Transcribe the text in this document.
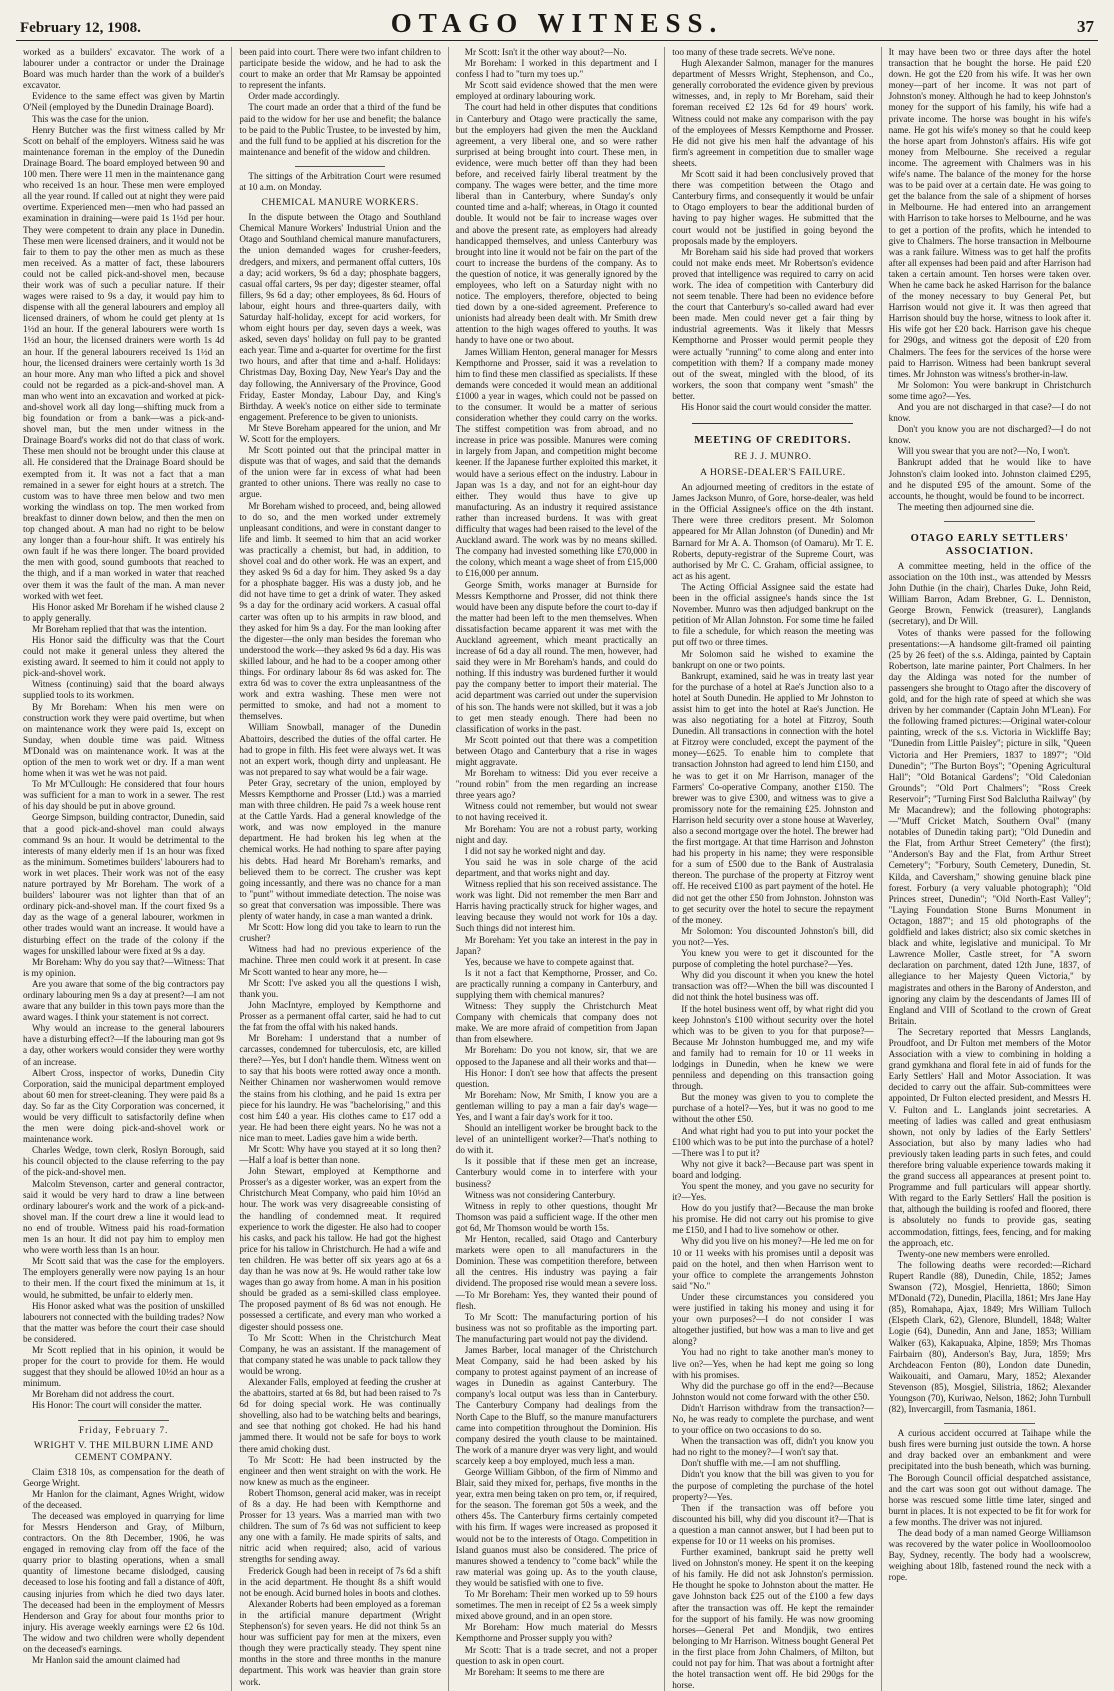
February 12, 1908.	OTAGO WITNESS.	37

worked as a builders' excavator. The work of a labourer under a contractor or under the Drainage Board was much harder than the work of a builder's excavator.

Evidence to the same effect was given by Martin O'Neil (employed by the Dunedin Drainage Board).

This was the case for the union.

Henry Butcher was the first witness called by Mr Scott on behalf of the employers. Witness said he was maintenance foreman in the employ of the Dunedin Drainage Board. The board employed between 90 and 100 men. There were 11 men in the maintenance gang who received 1s an hour. These men were employed all the year round. If called out at night they were paid overtime. Experienced men—men who had passed an examination in draining—were paid 1s 1½d per hour. They were competent to drain any place in Dunedin. These men were licensed drainers, and it would not be fair to them to pay the other men as much as these men received. As a matter of fact, these labourers could not be called pick-and-shovel men, because their work was of such a peculiar nature. If their wages were raised to 9s a day, it would pay him to dispense with all the general labourers and employ all licensed drainers, of whom he could get plenty at 1s 1½d an hour. If the general labourers were worth 1s 1½d an hour, the licensed drainers were worth 1s 4d an hour. If the general labourers received 1s 1½d an hour, the licensed drainers were certainly worth 1s 3d an hour more. Any man who lifted a pick and shovel could not be regarded as a pick-and-shovel man. A man who went into an excavation and worked at pick-and-shovel work all day long—shifting muck from a big foundation or from a bank—was a pick-and-shovel man, but the men under witness in the Drainage Board's works did not do that class of work. These men should not be brought under this clause at all. He considered that the Drainage Board should be exempted from it. It was not a fact that a man remained in a sewer for eight hours at a stretch. The custom was to have three men below and two men working the windlass on top. The men worked from breakfast to dinner down below, and then the men on top changed about. A man had no right to be below any longer than a four-hour shift. It was entirely his own fault if he was there longer. The board provided the men with good, sound gumboots that reached to the thigh, and if a man worked in water that reached over them it was the fault of the man. A man never worked with wet feet.

His Honor asked Mr Boreham if he wished clause 2 to apply generally.

Mr Boreham replied that that was the intention.

His Honor said the difficulty was that the Court could not make it general unless they altered the existing award. It seemed to him it could not apply to pick-and-shovel work.

Witness (continuing) said that the board always supplied tools to its workmen.

By Mr Boreham: When his men were on construction work they were paid overtime, but when on maintenance work they were paid 1s, except on Sunday, when double time was paid. Witness M'Donald was on maintenance work. It was at the option of the men to work wet or dry. If a man went home when it was wet he was not paid.

To Mr M'Cullough: He considered that four hours was sufficient for a man to work in a sewer. The rest of his day should be put in above ground.

George Simpson, building contractor, Dunedin, said that a good pick-and-shovel man could always command 9s an hour. It would be detrimental to the interests of many elderly men if 1s an hour was fixed as the minimum. Sometimes builders' labourers had to work in wet places. Their work was not of the easy nature portrayed by Mr Boreham. The work of a builders' labourer was not lighter than that of an ordinary pick-and-shovel man. If the court fixed 9s a day as the wage of a general labourer, workmen in other trades would want an increase. It would have a disturbing effect on the trade of the colony if the wages for unskilled labour were fixed at 9s a day.

Mr Boreham: Why do you say that?—Witness: That is my opinion.

Are you aware that some of the big contractors pay ordinary labouring men 9s a day at present?—I am not aware that any builder in this town pays more than the award wages. I think your statement is not correct.

Why would an increase to the general labourers have a disturbing effect?—If the labouring man got 9s a day, other workers would consider they were worthy of an increase.

Albert Cross, inspector of works, Dunedin City Corporation, said the municipal department employed about 60 men for street-cleaning. They were paid 8s a day. So far as the City Corporation was concerned, it would be very difficult to satisfactorily define when the men were doing pick-and-shovel work or maintenance work.

Charles Wedge, town clerk, Roslyn Borough, said his council objected to the clause referring to the pay of the pick-and-shovel men.

Malcolm Stevenson, carter and general contractor, said it would be very hard to draw a line between ordinary labourer's work and the work of a pick-and-shovel man. If the court drew a line it would lead to no end of trouble. Witness paid his road-formation men 1s an hour. It did not pay him to employ men who were worth less than 1s an hour.

Mr Scott said that was the case for the employers. The employers generally were now paying 1s an hour to their men. If the court fixed the minimum at 1s, it would, he submitted, be unfair to elderly men.

His Honor asked what was the position of unskilled labourers not connected with the building trades? Now that the matter was before the court their case should be considered.

Mr Scott replied that in his opinion, it would be proper for the court to provide for them. He would suggest that they should be allowed 10½d an hour as a minimum.

Mr Boreham did not address the court.

His Honor: The court will consider the matter.

Friday, February 7.
WRIGHT V. THE MILBURN LIME AND CEMENT COMPANY.

Claim £318 10s, as compensation for the death of George Wright.

Mr Hanlon for the claimant, Agnes Wright, widow of the deceased.

The deceased was employed in quarrying for lime for Messrs Henderson and Gray, of Milburn, contractors. On the 8th December, 1906, he was engaged in removing clay from off the face of the quarry prior to blasting operations, when a small quantity of limestone became dislodged, causing deceased to lose his footing and fall a distance of 40ft, causing injuries from which he died two days later. The deceased had been in the employment of Messrs Henderson and Gray for about four months prior to injury. His average weekly earnings were £2 6s 10d. The widow and two children were wholly dependent on the deceased's earnings.

Mr Hanlon said the amount claimed had

been paid into court. There were two infant children to participate beside the widow, and he had to ask the court to make an order that Mr Ramsay be appointed to represent the infants.

Order made accordingly.

The court made an order that a third of the fund be paid to the widow for her use and benefit; the balance to be paid to the Public Trustee, to be invested by him, and the full fund to be applied at his discretion for the maintenance and benefit of the widow and children.

The sittings of the Arbitration Court were resumed at 10 a.m. on Monday.

CHEMICAL MANURE WORKERS.

In the dispute between the Otago and Southland Chemical Manure Workers' Industrial Union and the Otago and Southland chemical manure manufacturers, the union demanded wages for crusher-feeders, dredgers, and mixers, and permanent offal cutters, 10s a day; acid workers, 9s 6d a day; phosphate baggers, casual offal carters, 9s per day; digester steamer, offal fillers, 9s 6d a day; other employees, 8s 6d. Hours of labour, eight hours and three-quarters daily, with Saturday half-holiday, except for acid workers, for whom eight hours per day, seven days a week, was asked, seven days' holiday on full pay to be granted each year. Time and a-quarter for overtime for the first two hours, and after that time and a-half. Holidays: Christmas Day, Boxing Day, New Year's Day and the day following, the Anniversary of the Province, Good Friday, Easter Monday, Labour Day, and King's Birthday. A week's notice on either side to terminate engagement. Preference to be given to unionists.

Mr Steve Boreham appeared for the union, and Mr W. Scott for the employers.

Mr Scott pointed out that the principal matter in dispute was that of wages, and said that the demands of the union were far in excess of what had been granted to other unions. There was really no case to argue.

Mr Boreham wished to proceed, and, being allowed to do so, and the men worked under extremely unpleasant conditions, and were in constant danger to life and limb. It seemed to him that an acid worker was practically a chemist, but had, in addition, to shovel coal and do other work. He was an expert, and they asked 9s 6d a day for him. They asked 9s a day for a phosphate bagger. His was a dusty job, and he did not have time to get a drink of water. They asked 9s a day for the ordinary acid workers. A casual offal carter was often up to his armpits in raw blood, and they asked for him 9s a day. For the man looking after the digester—the only man besides the foreman who understood the work—they asked 9s 6d a day. His was skilled labour, and he had to be a cooper among other things. For ordinary labour 8s 6d was asked for. The extra 6d was to cover the extra unpleasantness of the work and extra washing. These men were not permitted to smoke, and had not a moment to themselves.

William Snowball, manager of the Dunedin Abattoirs, described the duties of the offal carter. He had to grope in filth. His feet were always wet. It was not an expert work, though dirty and unpleasant. He was not prepared to say what would be a fair wage.

Peter Gray, secretary of the union, employed by Messrs Kempthorne and Prosser (Ltd.) was a married man with three children. He paid 7s a week house rent at the Cattle Yards. Had a general knowledge of the work, and was now employed in the manure department. He had broken his leg when at the chemical works. He had nothing to spare after paying his debts. Had heard Mr Boreham's remarks, and believed them to be correct. The crusher was kept going incessantly, and there was no chance for a man to "punt" without immediate detection. The noise was so great that conversation was impossible. There was plenty of water handy, in case a man wanted a drink.

Mr Scott: How long did you take to learn to run the crusher?

Witness had had no previous experience of the machine. Three men could work it at present. In case Mr Scott wanted to hear any more, he—

Mr Scott: I've asked you all the questions I wish, thank you.

John MacIntyre, employed by Kempthorne and Prosser as a permanent offal carter, said he had to cut the fat from the offal with his naked hands.

Mr Boreham: I understand that a number of carcasses, condemned for tuberculosis, etc, are killed there?—Yes, but I don't handle them. Witness went on to say that his boots were rotted away once a month. Neither Chinamen nor washerwomen would remove the stains from his clothing, and he paid 1s extra per piece for his laundry. He was "bachelorising," and this cost him £40 a year. His clothes came to £17 odd a year. He had been there eight years. No he was not a nice man to meet. Ladies gave him a wide berth.

Mr Scott: Why have you stayed at it so long then?—Half a loaf is better than none.

John Stewart, employed at Kempthorne and Prosser's as a digester worker, was an expert from the Christchurch Meat Company, who paid him 10½d an hour. The work was very disagreeable consisting of the handling of condemned meat. It required experience to work the digester. He also had to cooper his casks, and pack his tallow. He had got the highest price for his tallow in Christchurch. He had a wife and ten children. He was better off six years ago at 6s a day than he was now at 9s. He would rather take low wages than go away from home. A man in his position should be graded as a semi-skilled class employee. The proposed payment of 8s 6d was not enough. He possessed a certificate, and every man who worked a digester should possess one.

To Mr Scott: When in the Christchurch Meat Company, he was an assistant. If the management of that company stated he was unable to pack tallow they would be wrong.

Alexander Falls, employed at feeding the crusher at the abattoirs, started at 6s 8d, but had been raised to 7s 6d for doing special work. He was continually shovelling, also had to be watching belts and bearings, and see that nothing got choked. He had his hand jammed there. It would not be safe for boys to work there amid choking dust.

To Mr Scott: He had been instructed by the engineer and then went straight on with the work. He now knew as much as the engineer.

Robert Thomson, general acid maker, was in receipt of 8s a day. He had been with Kempthorne and Prosser for 13 years. Was a married man with two children. The sum of 7s 6d was not sufficient to keep any one with a family. He made spirits of salts, and nitric acid when required; also, acid of various strengths for sending away.

Frederick Gough had been in receipt of 7s 6d a shift in the acid department. He thought 8s a shift would not be enough. Acid burned holes in boots and clothes.

Alexander Roberts had been employed as a foreman in the artificial manure department (Wright Stephenson's) for seven years. He did not think 5s an hour was sufficient pay for men at the mixers, even though they were practically steady. They spent nine months in the store and three months in the manure department. This work was heavier than grain store work.

Mr Scott: Isn't it the other way about?—No.

Mr Boreham: I worked in this department and I confess I had to "turn my toes up."

Mr Scott said evidence showed that the men were employed at ordinary labouring work.

The court had held in other disputes that conditions in Canterbury and Otago were practically the same, but the employers had given the men the Auckland agreement, a very liberal one, and so were rather surprised at being brought into court. These men, in evidence, were much better off than they had been before, and received fairly liberal treatment by the company. The wages were better, and the time more liberal than in Canterbury, where Sunday's only counted time and a-half; whereas, in Otago it counted double. It would not be fair to increase wages over and above the present rate, as employers had already handicapped themselves, and unless Canterbury was brought into line it would not be fair on the part of the court to increase the burdens of the company. As to the question of notice, it was generally ignored by the employees, who left on a Saturday night with no notice. The employers, therefore, objected to being tied down by a one-sided agreement. Preference to unionists had already been dealt with. Mr Smith drew attention to the high wages offered to youths. It was handy to have one or two about.

James William Henton, general manager for Messrs Kempthorne and Prosser, said it was a revelation to him to find these men classified as specialists. If these demands were conceded it would mean an additional £1000 a year in wages, which could not be passed on to the consumer. It would be a matter of serious consideration whether they could carry on the works. The stiffest competition was from abroad, and no increase in price was possible. Manures were coming in largely from Japan, and competition might become keener. If the Japanese further exploited this market, it would have a serious effect on the industry. Labour in Japan was 1s a day, and not for an eight-hour day either. They would thus have to give up manufacturing. As an industry it required assistance rather than increased burdens. It was with great difficulty that wages had been raised to the level of the Auckland award. The work was by no means skilled. The company had invested something like £70,000 in the colony, which meant a wage sheet of from £15,000 to £16,000 per annum.

George Smith, works manager at Burnside for Messrs Kempthorne and Prosser, did not think there would have been any dispute before the court to-day if the matter had been left to the men themselves. When dissatisfaction became apparent it was met with the Auckland agreement, which meant practically an increase of 6d a day all round. The men, however, had said they were in Mr Boreham's hands, and could do nothing. If this industry was burdened further it would pay the company better to import their material. The acid department was carried out under the supervision of his son. The hands were not skilled, but it was a job to get men steady enough. There had been no classification of works in the past.

Mr Scott pointed out that there was a competition between Otago and Canterbury that a rise in wages might aggravate.

Mr Boreham to witness: Did you ever receive a "round robin" from the men regarding an increase three years ago?

Witness could not remember, but would not swear to not having received it.

Mr Boreham: You are not a robust party, working night and day.

I did not say he worked night and day.

You said he was in sole charge of the acid department, and that works night and day.

Witness replied that his son received assistance. The work was light. Did not remember the men Barr and Harris having practically struck for higher wages, and leaving because they would not work for 10s a day. Such things did not interest him.

Mr Boreham: Yet you take an interest in the pay in Japan?

Yes, because we have to compete against that.

Is it not a fact that Kempthorne, Prosser, and Co. are practically running a company in Canterbury, and supplying them with chemical manures?

Witness: They supply the Christchurch Meat Company with chemicals that company does not make. We are more afraid of competition from Japan than from elsewhere.

Mr Boreham: Do you not know, sir, that we are opposed to the Japanese and all their works and that—

His Honor: I don't see how that affects the present question.

Mr Boreham: Now, Mr Smith, I know you are a gentleman willing to pay a man a fair day's wage—Yes, and I want a fair day's work for it too.

Should an intelligent worker be brought back to the level of an unintelligent worker?—That's nothing to do with it.

Is it possible that if these men get an increase, Canterbury would come in to interfere with your business?

Witness was not considering Canterbury.

Witness in reply to other questions, thought Mr Thomson was paid a sufficient wage. If the other men got 6d, Mr Thomson would be worth 15s.

Mr Henton, recalled, said Otago and Canterbury markets were open to all manufacturers in the Dominion. These was competition therefore, between all the centres. His industry was paying a fair dividend. The proposed rise would mean a severe loss.—To Mr Boreham: Yes, they wanted their pound of flesh.

To Mr Scott: The manufacturing portion of his business was not so profitable as the importing part. The manufacturing part would not pay the dividend.

James Barber, local manager of the Christchurch Meat Company, said he had been asked by his company to protest against payment of an increase of wages in Dunedin as against Canterbury. The company's local output was less than in Canterbury. The Canterbury Company had dealings from the North Cape to the Bluff, so the manure manufacturers came into competition throughout the Dominion. His company desired the youth clause to be maintained. The work of a manure dryer was very light, and would scarcely keep a boy employed, much less a man.

George William Gibbon, of the firm of Nimmo and Blair, said they mixed for, perhaps, five months in the year, extra men being taken on pro tem, or, if required, for the season. The foreman got 50s a week, and the others 45s. The Canterbury firms certainly competed with his firm. If wages were increased as proposed it would not be to the interests of Otago. Competition in Island guanos must also be considered. The price of manures showed a tendency to "come back" while the raw material was going up. As to the youth clause, they would be satisfied with one to five.

To Mr Boreham: Their men worked up to 59 hours sometimes. The men in receipt of £2 5s a week simply mixed above ground, and in an open store.

Mr Boreham: How much material do Messrs Kempthorne and Prosser supply you with?

Mr Scott: That is a trade secret, and not a proper question to ask in open court.

Mr Boreham: It seems to me there are

too many of these trade secrets. We've none.

Hugh Alexander Salmon, manager for the manures department of Messrs Wright, Stephenson, and Co., generally corroborated the evidence given by previous witnesses, and, in reply to Mr Boreham, said their foreman received £2 12s 6d for 49 hours' work. Witness could not make any comparison with the pay of the employees of Messrs Kempthorne and Prosser. He did not give his men half the advantage of his firm's agreement in competition due to smaller wage sheets.

Mr Scott said it had been conclusively proved that there was competition between the Otago and Canterbury firms, and consequently it would be unfair to Otago employers to bear the additional burden of having to pay higher wages. He submitted that the court would not be justified in going beyond the proposals made by the employers.

Mr Boreham said his side had proved that workers could not make ends meet. Mr Robertson's evidence proved that intelligence was required to carry on acid work. The idea of competition with Canterbury did not seem tenable. There had been no evidence before the court that Canterbury's so-called award had ever been made. Men could never get a fair thing by industrial agreements. Was it likely that Messrs Kempthorne and Prosser would permit people they were actually "running" to come along and enter into competition with them? If a company made money out of the sweat, mingled with the blood, of its workers, the soon that company went "smash" the better.

His Honor said the court would consider the matter.

MEETING OF CREDITORS.
RE J. J. MUNRO.
A HORSE-DEALER'S FAILURE.

An adjourned meeting of creditors in the estate of James Jackson Munro, of Gore, horse-dealer, was held in the Official Assignee's office on the 4th instant. There were three creditors present. Mr Solomon appeared for Mr Allan Johnston (of Dunedin) and Mr Barnard for Mr A. A. Thomson (of Oamaru). Mr T. E. Roberts, deputy-registrar of the Supreme Court, was authorised by Mr C. C. Graham, official assignee, to act as his agent.

The Acting Official Assignee said the estate had been in the official assignee's hands since the 1st November. Munro was then adjudged bankrupt on the petition of Mr Allan Johnston. For some time he failed to file a schedule, for which reason the meeting was put off two or three times.

Mr Solomon said he wished to examine the bankrupt on one or two points.

Bankrupt, examined, said he was in treaty last year for the purchase of a hotel at Rae's Junction also to a hotel at South Dunedin. He applied to Mr Johnston to assist him to get into the hotel at Rae's Junction. He was also negotiating for a hotel at Fitzroy, South Dunedin. All transactions in connection with the hotel at Fitzroy were concluded, except the payment of the money—£625. To enable him to complete that transaction Johnston had agreed to lend him £150, and he was to get it on Mr Harrison, manager of the Farmers' Co-operative Company, another £150. The brewer was to give £300, and witness was to give a promissory note for the remaining £25. Johnston and Harrison held security over a stone house at Waverley, also a second mortgage over the hotel. The brewer had the first mortgage. At that time Harrison and Johnston had his property in his name; they were responsible for a sum of £500 due to the Bank of Australasia thereon. The purchase of the property at Fitzroy went off. He received £100 as part payment of the hotel. He did not get the other £50 from Johnston. Johnston was to get security over the hotel to secure the repayment of the money.

Mr Solomon: You discounted Johnston's bill, did you not?—Yes.

You knew you were to get it discounted for the purpose of completing the hotel purchase?—Yes.

Why did you discount it when you knew the hotel transaction was off?—When the bill was discounted I did not think the hotel business was off.

If the hotel business went off, by what right did you keep Johnston's £100 without security over the hotel which was to be given to you for that purpose?—Because Mr Johnston humbugged me, and my wife and family had to remain for 10 or 11 weeks in lodgings in Dunedin, when he knew we were penniless and depending on this transaction going through.

But the money was given to you to complete the purchase of a hotel?—Yes, but it was no good to me without the other £50.

And what right had you to put into your pocket the £100 which was to be put into the purchase of a hotel?—There was I to put it?

Why not give it back?—Because part was spent in board and lodging.

You spent the money, and you gave no security for it?—Yes.

How do you justify that?—Because the man broke his promise. He did not carry out his promise to give me £150, and I had to live somehow or other.

Why did you live on his money?—He led me on for 10 or 11 weeks with his promises until a deposit was paid on the hotel, and then when Harrison went to your office to complete the arrangements Johnston said "No."

Under these circumstances you considered you were justified in taking his money and using it for your own purposes?—I do not consider I was altogether justified, but how was a man to live and get along?

You had no right to take another man's money to live on?—Yes, when he had kept me going so long with his promises.

Why did the purchase go off in the end?—Because Johnston would not come forward with the other £50.

Didn't Harrison withdraw from the transaction?—No, he was ready to complete the purchase, and went to your office on two occasions to do so.

When the transaction was off, didn't you know you had no right to the money?—I won't say that.

Don't shuffle with me.—I am not shuffling.

Didn't you know that the bill was given to you for the purpose of completing the purchase of the hotel property?—Yes.

Then if the transaction was off before you discounted his bill, why did you discount it?—That is a question a man cannot answer, but I had been put to expense for 10 or 11 weeks on his promises.

Further examined, bankrupt said he pretty well lived on Johnston's money. He spent it on the keeping of his family. He did not ask Johnston's permission. He thought he spoke to Johnston about the matter. He gave Johnston back £25 out of the £100 a few days after the transaction was off. He kept the remainder for the support of his family. He was now grooming horses—General Pet and Mondjik, two entires belonging to Mr Harrison. Witness bought General Pet in the first place from John Chalmers, of Milton, but could not pay for him. That was about a fortnight after the hotel transaction went off. He bid 290gs for the horse.

It may have been two or three days after the hotel transaction that he bought the horse. He paid £20 down. He got the £20 from his wife. It was her own money—part of her income. It was not part of Johnston's money. Although he had to keep Johnston's money for the support of his family, his wife had a private income. The horse was bought in his wife's name. He got his wife's money so that he could keep the horse apart from Johnston's affairs. His wife got money from Melbourne. She received a regular income. The agreement with Chalmers was in his wife's name. The balance of the money for the horse was to be paid over at a certain date. He was going to get the balance from the sale of a shipment of horses in Melbourne. He had entered into an arrangement with Harrison to take horses to Melbourne, and he was to get a portion of the profits, which he intended to give to Chalmers. The horse transaction in Melbourne was a rank failure. Witness was to get half the profits after all expenses had been paid and after Harrison had taken a certain amount. Ten horses were taken over. When he came back he asked Harrison for the balance of the money necessary to buy General Pet, but Harrison would not give it. It was then agreed that Harrison should buy the horse, witness to look after it. His wife got her £20 back. Harrison gave his cheque for 290gs, and witness got the deposit of £20 from Chalmers. The fees for the services of the horse were paid to Harrison. Witness had been bankrupt several times. Mr Johnston was witness's brother-in-law.

Mr Solomon: You were bankrupt in Christchurch some time ago?—Yes.

And you are not discharged in that case?—I do not know.

Don't you know you are not discharged?—I do not know.

Will you swear that you are not?—No, I won't.

Bankrupt added that he would like to have Johnston's claim looked into. Johnston claimed £295, and he disputed £95 of the amount. Some of the accounts, he thought, would be found to be incorrect.

The meeting then adjourned sine die.

OTAGO EARLY SETTLERS' ASSOCIATION.

A committee meeting, held in the office of the association on the 10th inst., was attended by Messrs John Duthie (in the chair), Charles Duke, John Reid, William Barron, Adam Brebner, G. L. Denniston, George Brown, Fenwick (treasurer), Langlands (secretary), and Dr Will.

Votes of thanks were passed for the following presentations:—A handsome gilt-framed oil painting (25 by 26 feet) of the s.s. Aldinga, painted by Captain Robertson, late marine painter, Port Chalmers. In her day the Aldinga was noted for the number of passengers she brought to Otago after the discovery of gold, and for the high rate of speed at which she was driven by her commander (Captain John M'Lean). For the following framed pictures:—Original water-colour painting, wreck of the s.s. Victoria in Wickliffe Bay; "Dunedin from Little Paisley"; picture in silk, "Queen Victoria and Her Premiers, 1837 to 1897"; "Old Dunedin"; "The Burton Boys"; "Opening Agricultural Hall"; "Old Botanical Gardens"; "Old Caledonian Grounds"; "Old Port Chalmers"; "Ross Creek Reservoir"; "Turning First Sod Balclutha Railway" (by Mr Macandrew); and the following photographs:—"Muff Cricket Match, Southern Oval" (many notables of Dunedin taking part); "Old Dunedin and the Flat, from Arthur Street Cemetery" (the first); "Anderson's Bay and the Flat, from Arthur Street Cemetery"; "Forbury, South Cemetery, Dunedin, St. Kilda, and Caversham," showing genuine black pine forest. Forbury (a very valuable photograph); "Old Princes street, Dunedin"; "Old North-East Valley"; "Laying Foundation Stone Burns Monument in Octagon, 1887"; and 15 old photographs of the goldfield and lakes district; also six comic sketches in black and white, legislative and municipal. To Mr Lawrence Moller, Castle street, for "A sworn declaration on parchment, dated 12th June, 1837, of allegiance to her Majesty Queen Victoria," by magistrates and others in the Barony of Anderston, and ignoring any claim by the descendants of James III of England and VIII of Scotland to the crown of Great Britain.

The Secretary reported that Messrs Langlands, Proudfoot, and Dr Fulton met members of the Motor Association with a view to combining in holding a grand gymkhana and floral fete in aid of funds for the Early Settlers' Hall and Motor Association. It was decided to carry out the affair. Sub-committees were appointed, Dr Fulton elected president, and Messrs H. V. Fulton and L. Langlands joint secretaries. A meeting of ladies was called and great enthusiasm shown, not only by ladies of the Early Settlers' Association, but also by many ladies who had previously taken leading parts in such fetes, and could therefore bring valuable experience towards making it the grand success all appearances at present point to. Programme and full particulars will appear shortly. With regard to the Early Settlers' Hall the position is that, although the building is roofed and floored, there is absolutely no funds to provide gas, seating accommodation, fittings, fees, fencing, and for making the approach, etc.

Twenty-one new members were enrolled.

The following deaths were recorded:—Richard Rupert Randle (88), Dunedin, Chile, 1852; James Swanson (72), Mosgiel, Henrietta, 1860; Simon M'Donald (72), Dunedin, Placilla, 1861; Mrs Jane Hay (85), Romahapa, Ajax, 1849; Mrs William Tulloch (Elspeth Clark, 62), Glenore, Blundell, 1848; Walter Logie (64), Dunedin, Ann and Jane, 1853; William Walker (63), Kakapuaka, Alpine, 1859; Mrs Thomas Fairbairn (80), Anderson's Bay, Jura, 1859; Mrs Archdeacon Fenton (80), London date Dunedin, Waikouaiti, and Oamaru, Mary, 1852; Alexander Stevenson (85), Mosgiel, Silistria, 1862; Alexander Youngson (70), Kuriwao, Nelson, 1862; John Turnbull (82), Invercargill, from Tasmania, 1861.

A curious accident occurred at Taihape while the bush fires were burning just outside the town. A horse and dray backed over an embankment and were precipitated into the bush beneath, which was burning. The Borough Council official despatched assistance, and the cart was soon got out without damage. The horse was rescued some little time later, singed and burnt in places. It is not expected to be fit for work for a few months. The driver was not injured.

The dead body of a man named George Williamson was recovered by the water police in Woolloomooloo Bay, Sydney, recently. The body had a woolscrew, weighing about 18lb, fastened round the neck with a rope.
